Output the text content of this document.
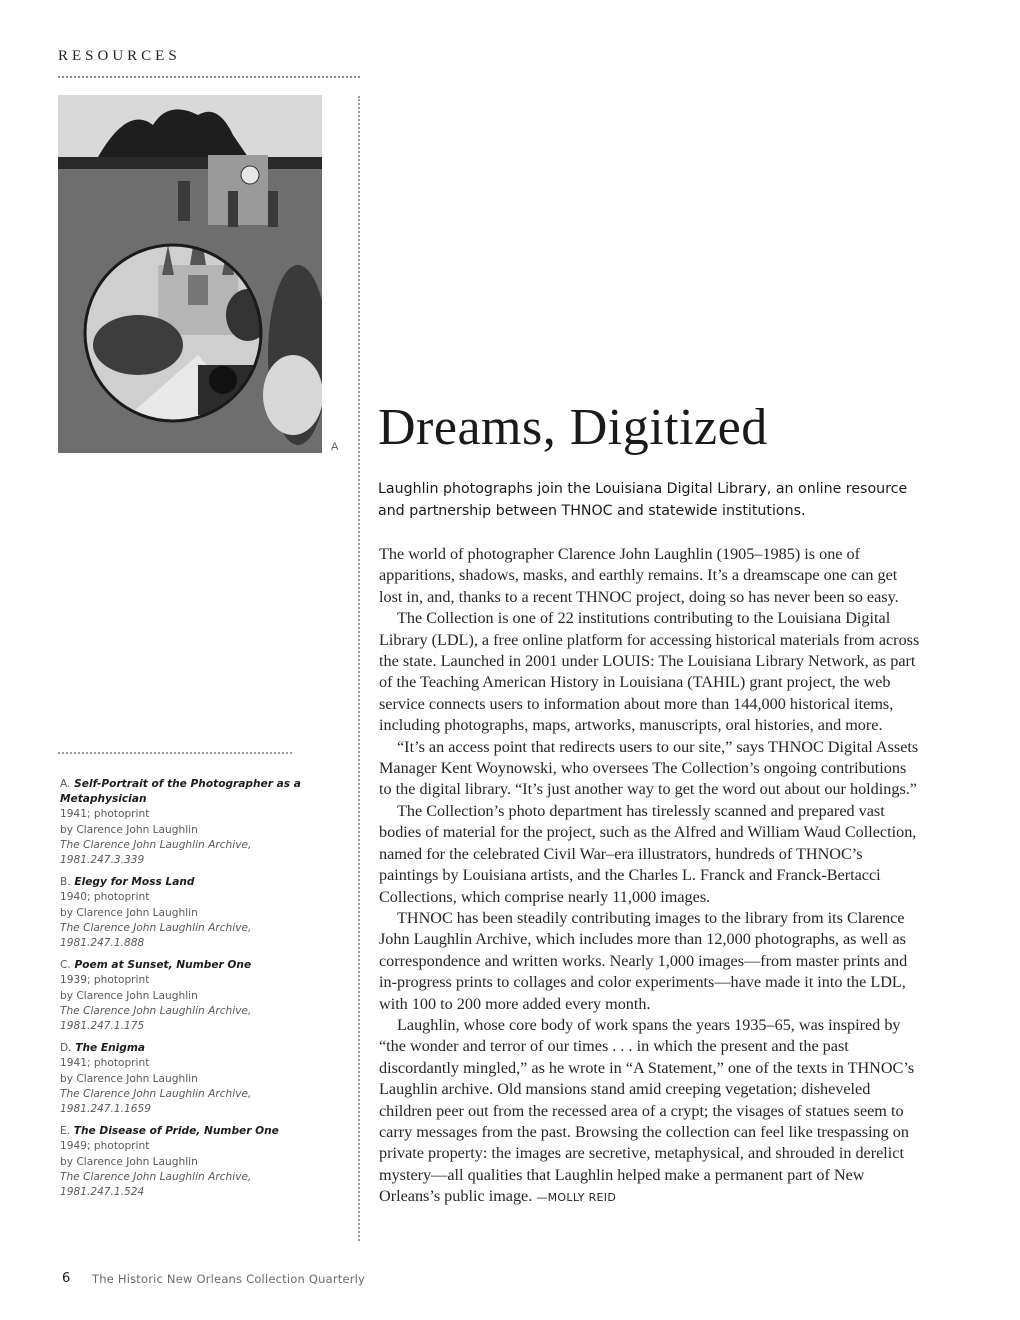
RESOURCES
A
A. Self-Portrait of the Photographer as a Metaphysician
1941; photoprint
by Clarence John Laughlin
The Clarence John Laughlin Archive,
1981.247.3.339
B. Elegy for Moss Land
1940; photoprint
by Clarence John Laughlin
The Clarence John Laughlin Archive,
1981.247.1.888
C. Poem at Sunset, Number One
1939; photoprint
by Clarence John Laughlin
The Clarence John Laughlin Archive,
1981.247.1.175
D. The Enigma
1941; photoprint
by Clarence John Laughlin
The Clarence John Laughlin Archive,
1981.247.1.1659
E. The Disease of Pride, Number One
1949; photoprint
by Clarence John Laughlin
The Clarence John Laughlin Archive,
1981.247.1.524
Dreams, Digitized
Laughlin photographs join the Louisiana Digital Library, an online resource and partnership between THNOC and statewide institutions.

The world of photographer Clarence John Laughlin (1905–1985) is one of apparitions, shadows, masks, and earthly remains. It’s a dreamscape one can get lost in, and, thanks to a recent THNOC project, doing so has never been so easy.

The Collection is one of 22 institutions contributing to the Louisiana Digital Library (LDL), a free online platform for accessing historical materials from across the state. Launched in 2001 under LOUIS: The Louisiana Library Network, as part of the Teaching American History in Louisiana (TAHIL) grant project, the web service connects users to information about more than 144,000 historical items, including photographs, maps, artworks, manuscripts, oral histories, and more.

“It’s an access point that redirects users to our site,” says THNOC Digital Assets Manager Kent Woynowski, who oversees The Collection’s ongoing contributions to the digital library. “It’s just another way to get the word out about our holdings.”

The Collection’s photo department has tirelessly scanned and prepared vast bodies of material for the project, such as the Alfred and William Waud Collection, named for the celebrated Civil War–era illustrators, hundreds of THNOC’s paintings by Louisiana artists, and the Charles L. Franck and Franck-Bertacci Collections, which comprise nearly 11,000 images.

THNOC has been steadily contributing images to the library from its Clarence John Laughlin Archive, which includes more than 12,000 photographs, as well as correspondence and written works. Nearly 1,000 images—from master prints and in-progress prints to collages and color experiments—have made it into the LDL, with 100 to 200 more added every month.

Laughlin, whose core body of work spans the years 1935–65, was inspired by “the wonder and terror of our times . . . in which the present and the past discordantly mingled,” as he wrote in “A Statement,” one of the texts in THNOC’s Laughlin archive. Old mansions stand amid creeping vegetation; disheveled children peer out from the recessed area of a crypt; the visages of statues seem to carry messages from the past. Browsing the collection can feel like trespassing on private property: the images are secretive, metaphysical, and shrouded in derelict mystery—all qualities that Laughlin helped make a permanent part of New Orleans’s public image. —MOLLY REID

6 The Historic New Orleans Collection Quarterly
